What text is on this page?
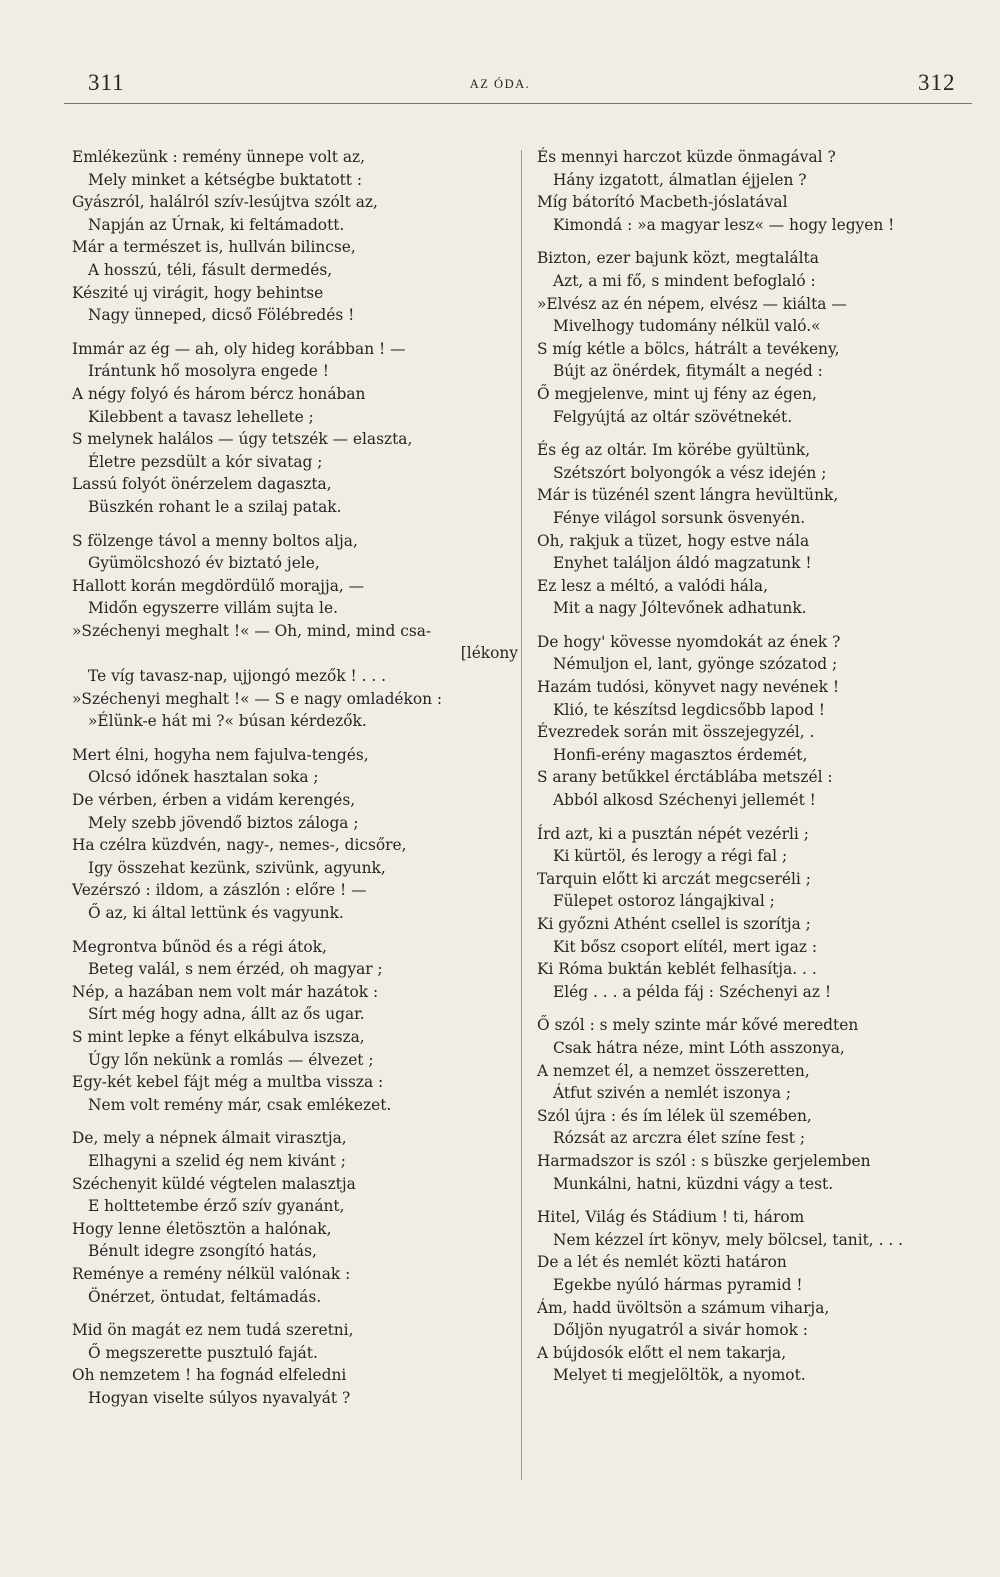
311	AZ ÓDA.	312
Emlékezünk : remény ünnepe volt az,
Mely minket a kétségbe buktatott :
Gyászról, halálról szív-lesújtva szólt az,
Napján az Úrnak, ki feltámadott.
Már a természet is, hullván bilincse,
A hosszú, téli, fásult dermedés,
Készité uj virágit, hogy behintse
Nagy ünneped, dicső Fölébredés !
Immár az ég — ah, oly hideg korábban ! —
Irántunk hő mosolyra engede !
A négy folyó és három bércz honában
Kilebbent a tavasz lehellete ;
S melynek halálos — úgy tetszék — elaszta,
Életre pezsdült a kór sivatag ;
Lassú folyót önérzelem dagaszta,
Büszkén rohant le a szilaj patak.
S fölzenge távol a menny boltos alja,
Gyümölcshozó év biztató jele,
Hallott korán megdördülő morajja, —
Midőn egyszerre villám sujta le.
»Széchenyi meghalt !« — Oh, mind, mind csa-
[lékony
Te víg tavasz-nap, ujjongó mezők ! . . .
»Széchenyi meghalt !« — S e nagy omladékon :
»Élünk-e hát mi ?« búsan kérdezők.
Mert élni, hogyha nem fajulva-tengés,
Olcsó időnek hasztalan soka ;
De vérben, érben a vidám kerengés,
Mely szebb jövendő biztos záloga ;
Ha czélra küzdvén, nagy-, nemes-, dicsőre,
Igy összehat kezünk, szivünk, agyunk,
Vezérszó : ildom, a zászlón : előre ! —
Ő az, ki által lettünk és vagyunk.
Megrontva bűnöd és a régi átok,
Beteg valál, s nem érzéd, oh magyar ;
Nép, a hazában nem volt már hazátok :
Sírt még hogy adna, állt az ős ugar.
S mint lepke a fényt elkábulva iszsza,
Úgy lőn nekünk a romlás — élvezet ;
Egy-két kebel fájt még a multba vissza :
Nem volt remény már, csak emlékezet.
De, mely a népnek álmait virasztja,
Elhagyni a szelid ég nem kivánt ;
Széchenyit küldé végtelen malasztja
E holttetembe érző szív gyanánt,
Hogy lenne életösztön a halónak,
Bénult idegre zsongító hatás,
Reménye a remény nélkül valónak :
Önérzet, öntudat, feltámadás.
Mid ön magát ez nem tudá szeretni,
Ő megszerette pusztuló faját.
Oh nemzetem ! ha fognád elfeledni
Hogyan viselte súlyos nyavalyát ?
És mennyi harczot küzde önmagával ?
Hány izgatott, álmatlan éjjelen ?
Míg bátorító Macbeth-jóslatával
Kimondá : »a magyar lesz« — hogy legyen !
Bizton, ezer bajunk közt, megtalálta
Azt, a mi fő, s mindent befoglaló :
»Elvész az én népem, elvész — kiálta —
Mivelhogy tudomány nélkül való.«
S míg kétle a bölcs, hátrált a tevékeny,
Bújt az önérdek, fitymált a negéd :
Ő megjelenve, mint uj fény az égen,
Felgyújtá az oltár szövétnekét.
És ég az oltár. Im körébe gyültünk,
Szétszórt bolyongók a vész idején ;
Már is tüzénél szent lángra hevültünk,
Fénye világol sorsunk ösvenyén.
Oh, rakjuk a tüzet, hogy estve nála
Enyhet találjon áldó magzatunk !
Ez lesz a méltó, a valódi hála,
Mit a nagy Jóltevőnek adhatunk.
De hogy' kövesse nyomdokát az ének ?
Némuljon el, lant, gyönge szózatod ;
Hazám tudósi, könyvet nagy nevének !
Klió, te készítsd legdicsőbb lapod !
Évezredek során mit összejegyzél, .
Honfi-erény magasztos érdemét,
S arany betűkkel érctáblába metszél :
Abból alkosd Széchenyi jellemét !
Írd azt, ki a pusztán népét vezérli ;
Ki kürtöl, és lerogy a régi fal ;
Tarquin előtt ki arczát megcseréli ;
Fülepet ostoroz lángajkival ;
Ki győzni Athént csellel is szorítja ;
Kit bősz csoport elítél, mert igaz :
Ki Róma buktán keblét felhasítja. . .
Elég . . . a példa fáj : Széchenyi az !
Ő szól : s mely szinte már kővé meredten
Csak hátra néze, mint Lóth asszonya,
A nemzet él, a nemzet összeretten,
Átfut szivén a nemlét iszonya ;
Szól újra : és ím lélek ül szemében,
Rózsát az arczra élet színe fest ;
Harmadszor is szól : s büszke gerjelemben
Munkálni, hatni, küzdni vágy a test.
Hitel, Világ és Stádium ! ti, három
Nem kézzel írt könyv, mely bölcsel, tanit, . . .
De a lét és nemlét közti határon
Egekbe nyúló hármas pyramid !
Ám, hadd üvöltsön a számum viharja,
Dőljön nyugatról a sivár homok :
A bújdosók előtt el nem takarja,
Melyet ti megjelöltök, a nyomot.
